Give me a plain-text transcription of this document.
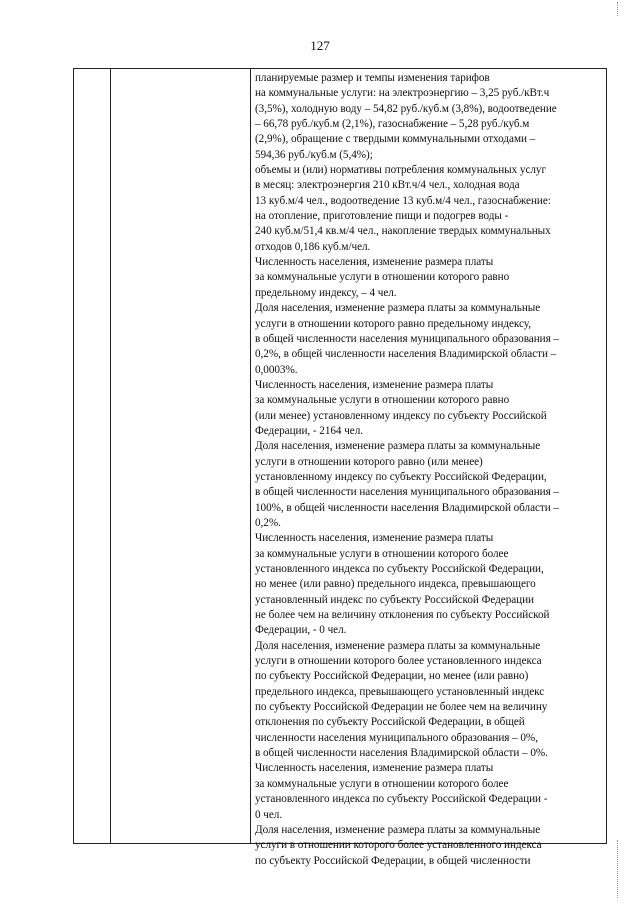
127
планируемые размер и темпы изменения тарифов
на коммунальные услуги: на электроэнергию – 3,25 руб./кВт.ч
(3,5%), холодную воду – 54,82 руб./куб.м (3,8%), водоотведение
– 66,78 руб./куб.м (2,1%), газоснабжение – 5,28 руб./куб.м
(2,9%), обращение с твердыми коммунальными отходами –
594,36 руб./куб.м (5,4%);
объемы и (или) нормативы потребления коммунальных услуг
в месяц: электроэнергия 210 кВт.ч/4 чел., холодная вода
13 куб.м/4 чел., водоотведение 13 куб.м/4 чел., газоснабжение:
на отопление, приготовление пищи и подогрев воды -
240 куб.м/51,4 кв.м/4 чел., накопление твердых коммунальных
отходов 0,186 куб.м/чел.
Численность населения, изменение размера платы
за коммунальные услуги в отношении которого равно
предельному индексу, – 4 чел.
Доля населения, изменение размера платы за коммунальные
услуги в отношении которого равно предельному индексу,
в общей численности населения муниципального образования –
0,2%, в общей численности населения Владимирской области –
0,0003%.
Численность населения, изменение размера платы
за коммунальные услуги в отношении которого равно
(или менее) установленному индексу по субъекту Российской
Федерации, - 2164 чел.
Доля населения, изменение размера платы за коммунальные
услуги в отношении которого равно (или менее)
установленному индексу по субъекту Российской Федерации,
в общей численности населения муниципального образования –
100%, в общей численности населения Владимирской области –
0,2%.
Численность населения, изменение размера платы
за коммунальные услуги в отношении которого более
установленного индекса по субъекту Российской Федерации,
но менее (или равно) предельного индекса, превышающего
установленный индекс по субъекту Российской Федерации
не более чем на величину отклонения по субъекту Российской
Федерации, - 0 чел.
Доля населения, изменение размера платы за коммунальные
услуги в отношении которого более установленного индекса
по субъекту Российской Федерации, но менее (или равно)
предельного индекса, превышающего установленный индекс
по субъекту Российской Федерации не более чем на величину
отклонения по субъекту Российской Федерации, в общей
численности населения муниципального образования – 0%,
в общей численности населения Владимирской области – 0%.
Численность населения, изменение размера платы
за коммунальные услуги в отношении которого более
установленного индекса по субъекту Российской Федерации -
0 чел.
Доля населения, изменение размера платы за коммунальные
услуги в отношении которого более установленного индекса
по субъекту Российской Федерации, в общей численности
